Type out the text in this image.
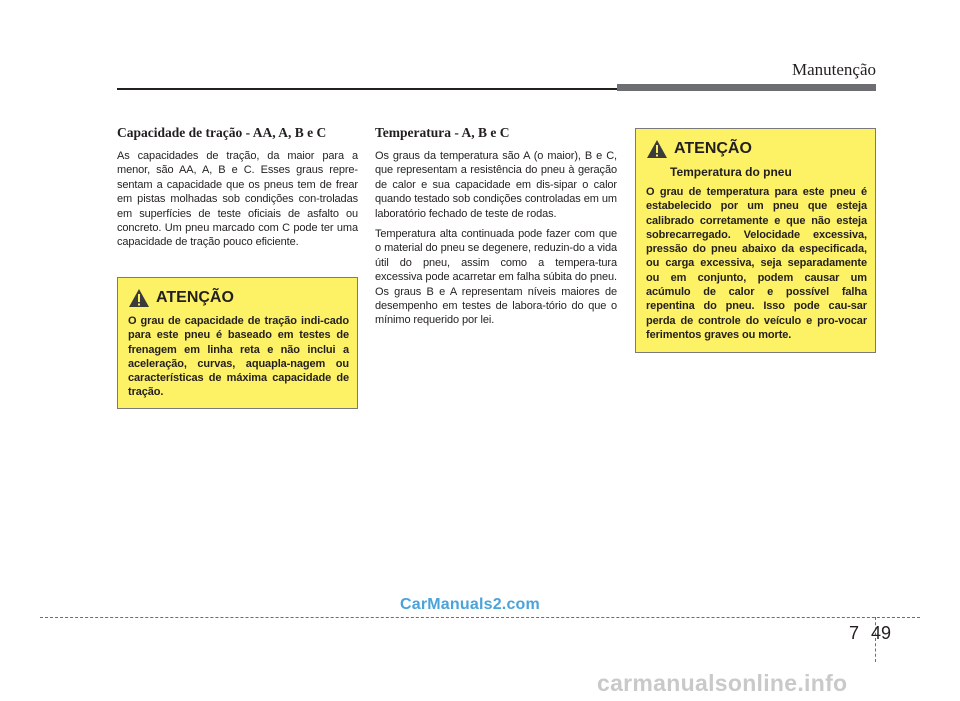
Manutenção
Capacidade de tração - AA, A, B e C

As capacidades de tração, da maior para a menor, são AA, A, B e C. Esses graus repre-sentam a capacidade que os pneus tem de frear em pistas molhadas sob condições con-troladas em superfícies de teste oficiais de asfalto ou concreto. Um pneu marcado com C pode ter uma capacidade de tração pouco eficiente.

ATENÇÃO

O grau de capacidade de tração indi-cado para este pneu é baseado em testes de frenagem em linha reta e não inclui a aceleração, curvas, aquapla-nagem ou características de máxima capacidade de tração.

Temperatura - A, B e C

Os graus da temperatura são A (o maior), B e C, que representam a resistência do pneu à geração de calor e sua capacidade em dis-sipar o calor quando testado sob condições controladas em um laboratório fechado de teste de rodas.

Temperatura alta continuada pode fazer com que o material do pneu se degenere, reduzin-do a vida útil do pneu, assim como a tempera-tura excessiva pode acarretar em falha súbita do pneu. Os graus B e A representam níveis maiores de desempenho em testes de labora-tório do que o mínimo requerido por lei.

ATENÇÃO
Temperatura do pneu

O grau de temperatura para este pneu é estabelecido por um pneu que esteja calibrado corretamente e que não esteja sobrecarregado. Velocidade excessiva, pressão do pneu abaixo da especificada, ou carga excessiva, seja separadamente ou em conjunto, podem causar um acúmulo de calor e possível falha repentina do pneu. Isso pode cau-sar perda de controle do veículo e pro-vocar ferimentos graves ou morte.

CarManuals2.com
7 49
carmanualsonline.info
